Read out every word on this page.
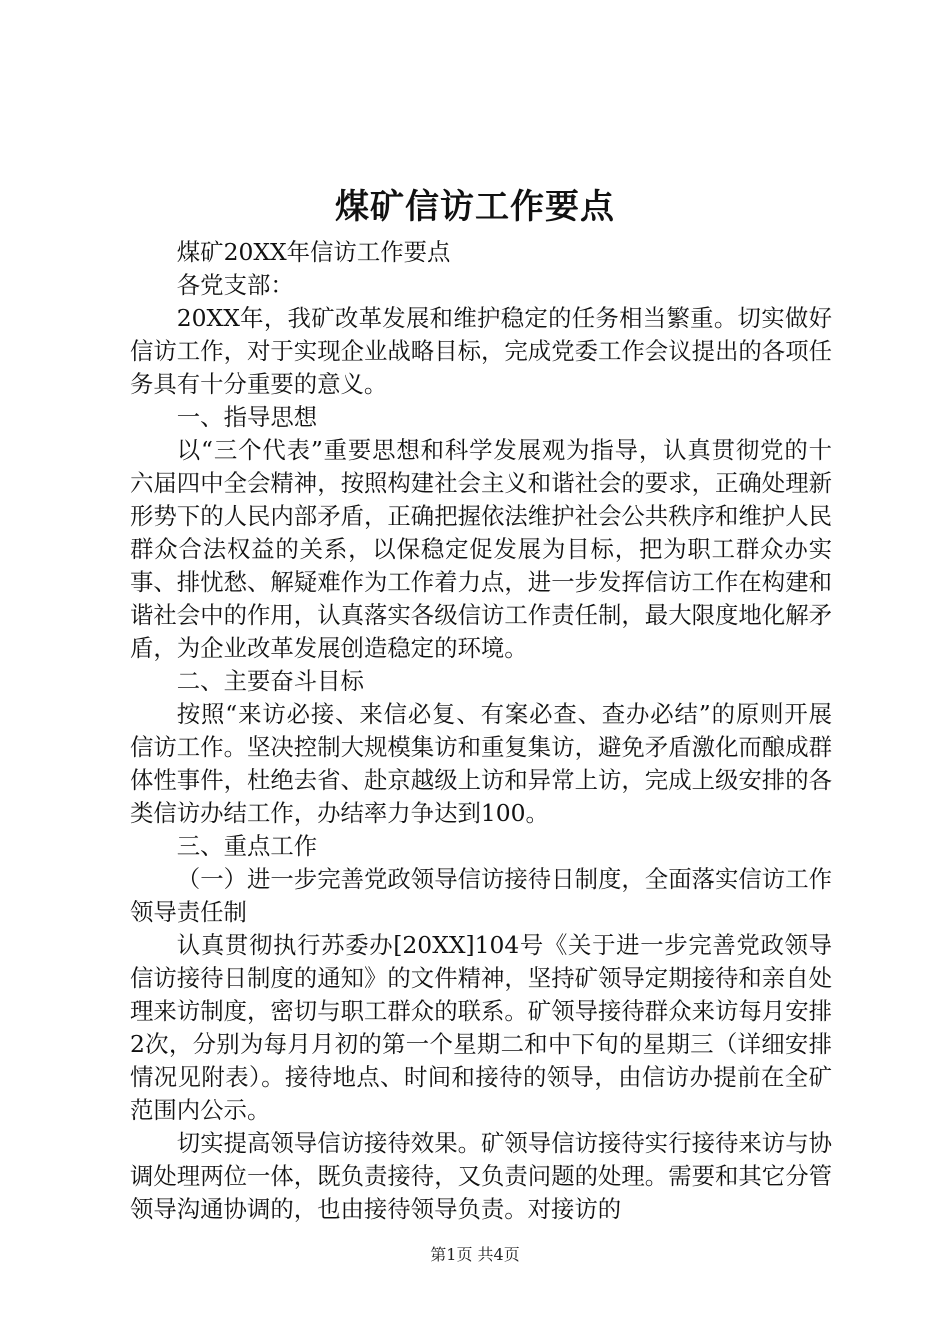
煤矿信访工作要点

煤矿20XX年信访工作要点

各党支部：

20XX年，我矿改革发展和维护稳定的任务相当繁重。切实做好信访工作，对于实现企业战略目标，完成党委工作会议提出的各项任务具有十分重要的意义。

一、指导思想

以“三个代表”重要思想和科学发展观为指导，认真贯彻党的十六届四中全会精神，按照构建社会主义和谐社会的要求，正确处理新形势下的人民内部矛盾，正确把握依法维护社会公共秩序和维护人民群众合法权益的关系，以保稳定促发展为目标，把为职工群众办实事、排忧愁、解疑难作为工作着力点，进一步发挥信访工作在构建和谐社会中的作用，认真落实各级信访工作责任制，最大限度地化解矛盾，为企业改革发展创造稳定的环境。

二、主要奋斗目标

按照“来访必接、来信必复、有案必查、查办必结”的原则开展信访工作。坚决控制大规模集访和重复集访，避免矛盾激化而酿成群体性事件，杜绝去省、赴京越级上访和异常上访，完成上级安排的各类信访办结工作，办结率力争达到100。

三、重点工作

（一）进一步完善党政领导信访接待日制度，全面落实信访工作领导责任制

认真贯彻执行苏委办[20XX]104号《关于进一步完善党政领导信访接待日制度的通知》的文件精神，坚持矿领导定期接待和亲自处理来访制度，密切与职工群众的联系。矿领导接待群众来访每月安排2次，分别为每月月初的第一个星期二和中下旬的星期三（详细安排情况见附表）。接待地点、时间和接待的领导，由信访办提前在全矿范围内公示。

切实提高领导信访接待效果。矿领导信访接待实行接待来访与协调处理两位一体，既负责接待，又负责问题的处理。需要和其它分管领导沟通协调的，也由接待领导负责。对接访的

第1页 共4页
